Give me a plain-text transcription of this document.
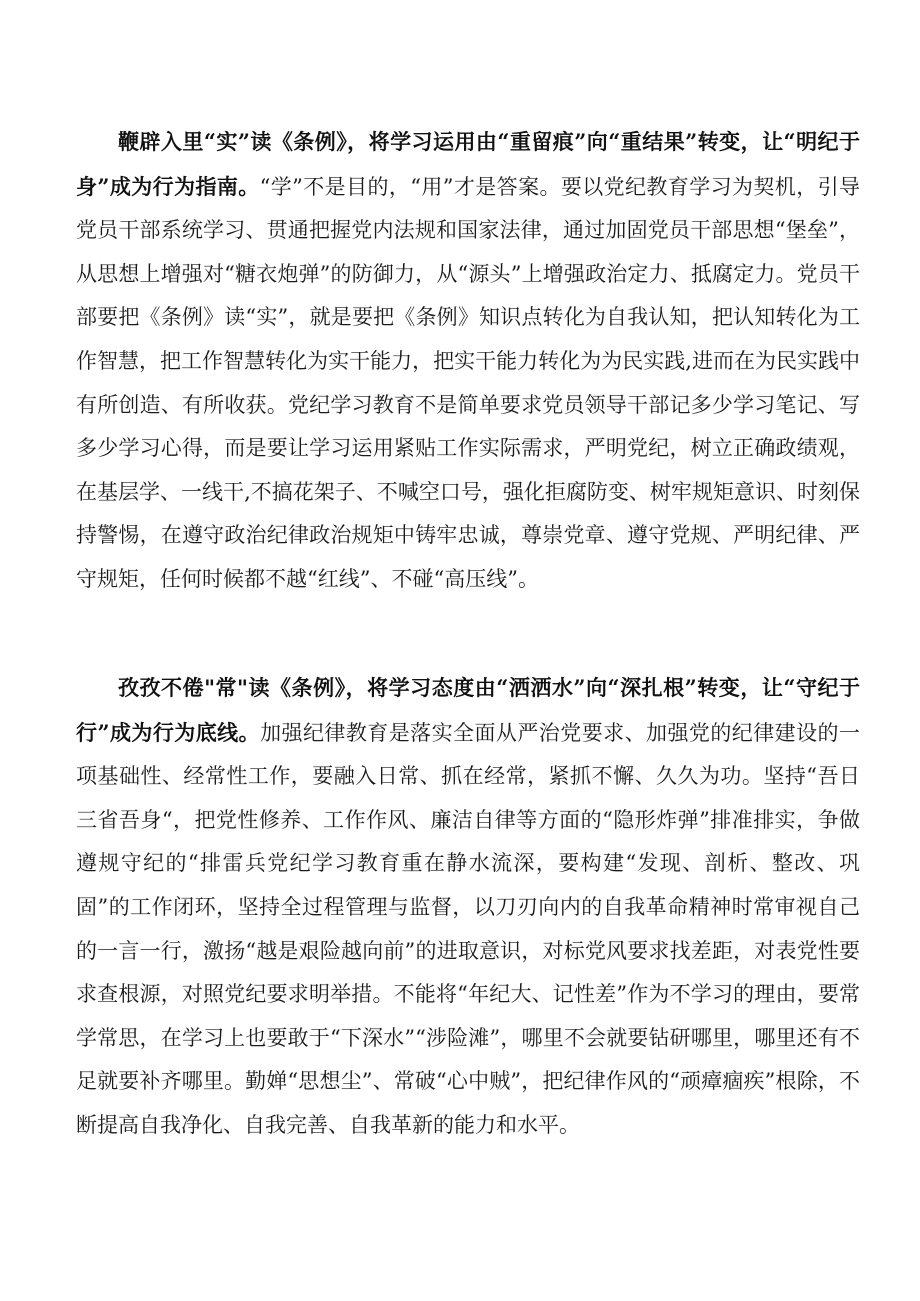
鞭辟入里“实”读《条例》，将学习运用由“重留痕”向“重结果”转变，让“明纪于身”成为行为指南。“学”不是目的，“用”才是答案。要以党纪教育学习为契机，引导党员干部系统学习、贯通把握党内法规和国家法律，通过加固党员干部思想“堡垒”，从思想上增强对“糖衣炮弹”的防御力，从“源头”上增强政治定力、抵腐定力。党员干部要把《条例》读“实”，就是要把《条例》知识点转化为自我认知，把认知转化为工作智慧，把工作智慧转化为实干能力，把实干能力转化为为民实践,进而在为民实践中有所创造、有所收获。党纪学习教育不是简单要求党员领导干部记多少学习笔记、写多少学习心得，而是要让学习运用紧贴工作实际需求，严明党纪，树立正确政绩观，在基层学、一线干,不搞花架子、不喊空口号，强化拒腐防变、树牢规矩意识、时刻保持警惕，在遵守政治纪律政治规矩中铸牢忠诚，尊崇党章、遵守党规、严明纪律、严守规矩，任何时候都不越“红线”、不碰“高压线”。

孜孜不倦"常"读《条例》，将学习态度由“洒洒水”向“深扎根”转变，让“守纪于行”成为行为底线。加强纪律教育是落实全面从严治党要求、加强党的纪律建设的一项基础性、经常性工作，要融入日常、抓在经常，紧抓不懈、久久为功。坚持“吾日三省吾身“，把党性修养、工作作风、廉洁自律等方面的“隐形炸弹”排准排实，争做遵规守纪的“排雷兵党纪学习教育重在静水流深，要构建“发现、剖析、整改、巩固”的工作闭环，坚持全过程管理与监督，以刀刃向内的自我革命精神时常审视自己的一言一行，激扬“越是艰险越向前”的进取意识，对标党风要求找差距，对表党性要求查根源，对照党纪要求明举措。不能将“年纪大、记性差”作为不学习的理由，要常学常思，在学习上也要敢于“下深水”“涉险滩”，哪里不会就要钻研哪里，哪里还有不足就要补齐哪里。勤婵“思想尘”、常破“心中贼”，把纪律作风的“顽瘴痼疾”根除，不断提高自我净化、自我完善、自我革新的能力和水平。
